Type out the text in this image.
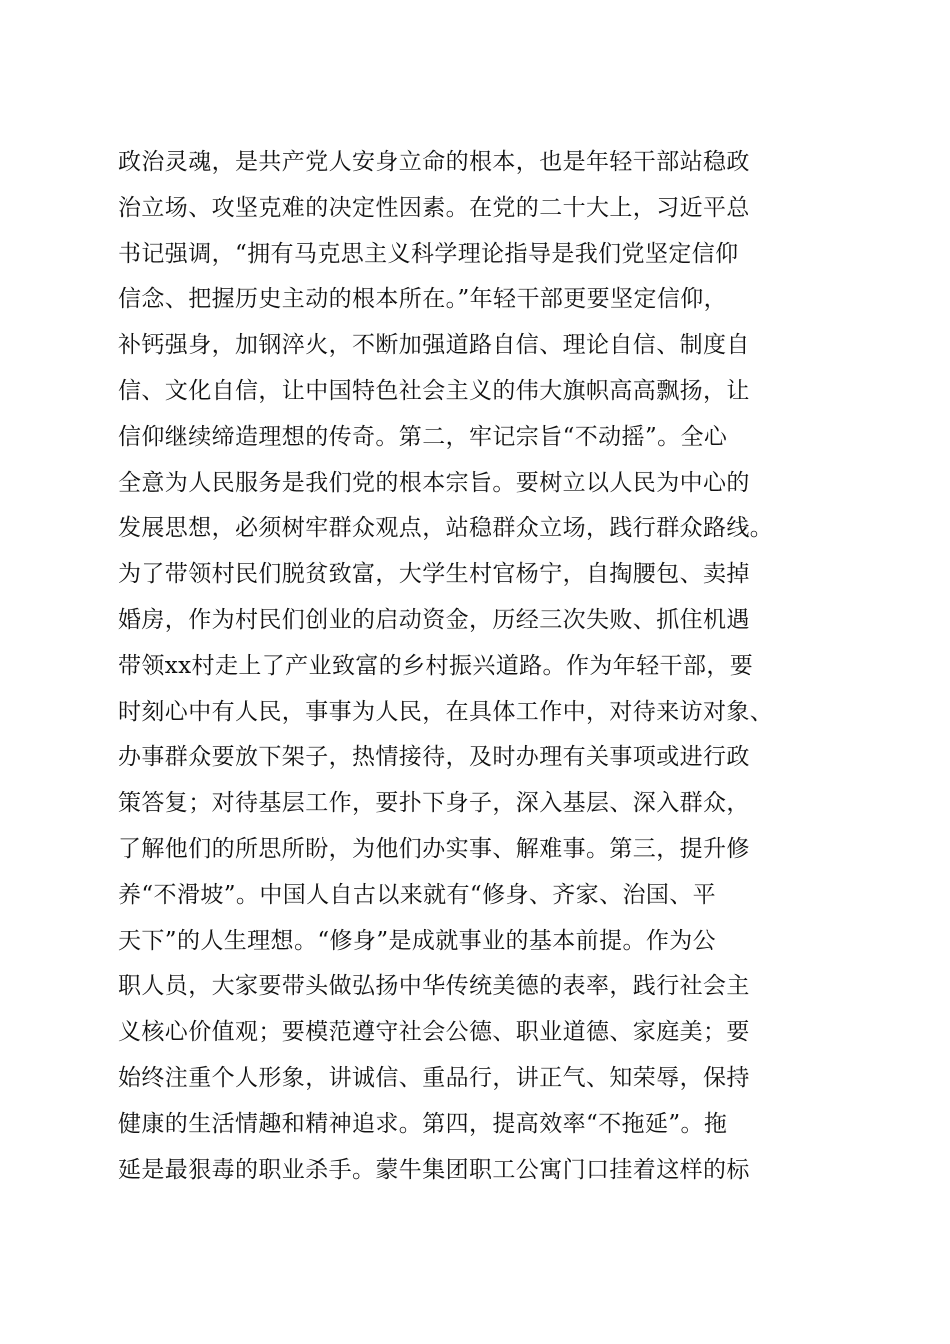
政治灵魂，是共产党人安身立命的根本，也是年轻干部站稳政
治立场、攻坚克难的决定性因素。在党的二十大上，习近平总
书记强调，“拥有马克思主义科学理论指导是我们党坚定信仰
信念、把握历史主动的根本所在。”年轻干部更要坚定信仰，
补钙强身，加钢淬火，不断加强道路自信、理论自信、制度自
信、文化自信，让中国特色社会主义的伟大旗帜高高飘扬，让
信仰继续缔造理想的传奇。第二，牢记宗旨“不动摇”。全心
全意为人民服务是我们党的根本宗旨。要树立以人民为中心的
发展思想，必须树牢群众观点，站稳群众立场，践行群众路线。
为了带领村民们脱贫致富，大学生村官杨宁，自掏腰包、卖掉
婚房，作为村民们创业的启动资金，历经三次失败、抓住机遇
带领xx村走上了产业致富的乡村振兴道路。作为年轻干部，要
时刻心中有人民，事事为人民，在具体工作中，对待来访对象、
办事群众要放下架子，热情接待，及时办理有关事项或进行政
策答复；对待基层工作，要扑下身子，深入基层、深入群众，
了解他们的所思所盼，为他们办实事、解难事。第三，提升修
养“不滑坡”。中国人自古以来就有“修身、齐家、治国、平
天下”的人生理想。“修身”是成就事业的基本前提。作为公
职人员，大家要带头做弘扬中华传统美德的表率，践行社会主
义核心价值观；要模范遵守社会公德、职业道德、家庭美；要
始终注重个人形象，讲诚信、重品行，讲正气、知荣辱，保持
健康的生活情趣和精神追求。第四，提高效率“不拖延”。拖
延是最狠毒的职业杀手。蒙牛集团职工公寓门口挂着这样的标
